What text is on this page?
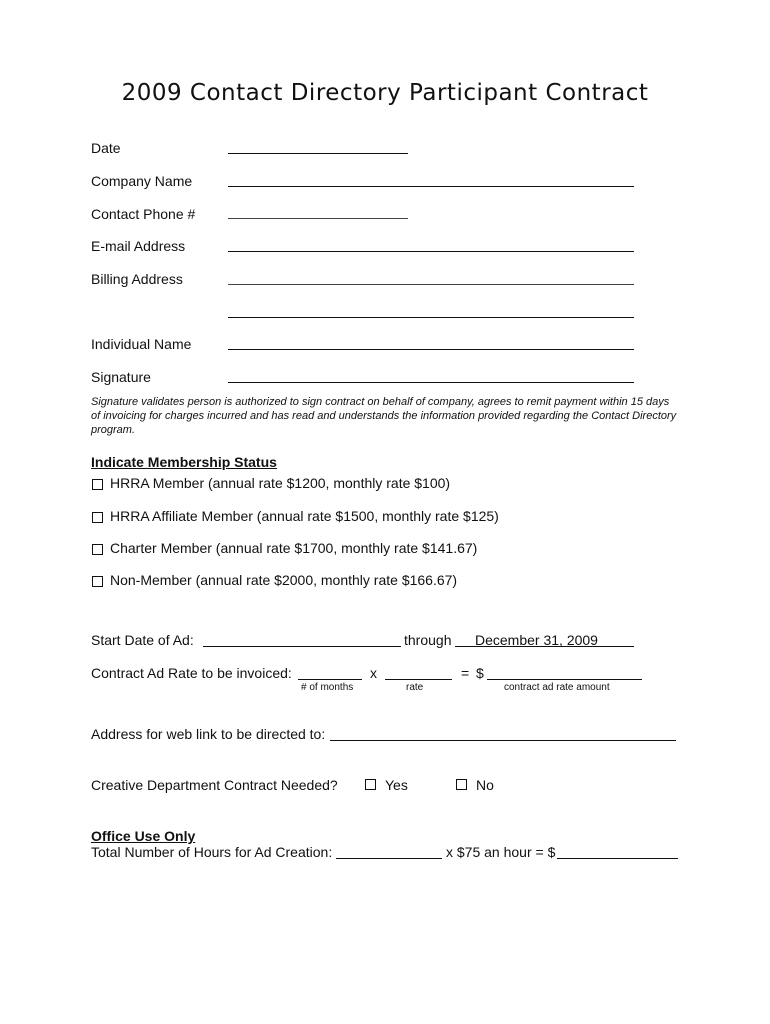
2009 Contact Directory Participant Contract
Date
Company Name
Contact Phone #
E-mail Address
Billing Address
Individual Name
Signature
Signature validates person is authorized to sign contract on behalf of company, agrees to remit payment within 15 days of invoicing for charges incurred and has read and understands the information provided regarding the Contact Directory program.
Indicate Membership Status
HRRA Member (annual rate $1200, monthly rate $100)
HRRA Affiliate Member (annual rate $1500, monthly rate $125)
Charter Member (annual rate $1700, monthly rate $141.67)
Non-Member (annual rate $2000, monthly rate $166.67)
Start Date of Ad:	through December 31, 2009
Contract Ad Rate to be invoiced:
# of months
x
rate
= $
contract ad rate amount
Address for web link to be directed to:
Creative Department Contract Needed?	Yes	No
Office Use Only
Total Number of Hours for Ad Creation:	x $75 an hour = $
